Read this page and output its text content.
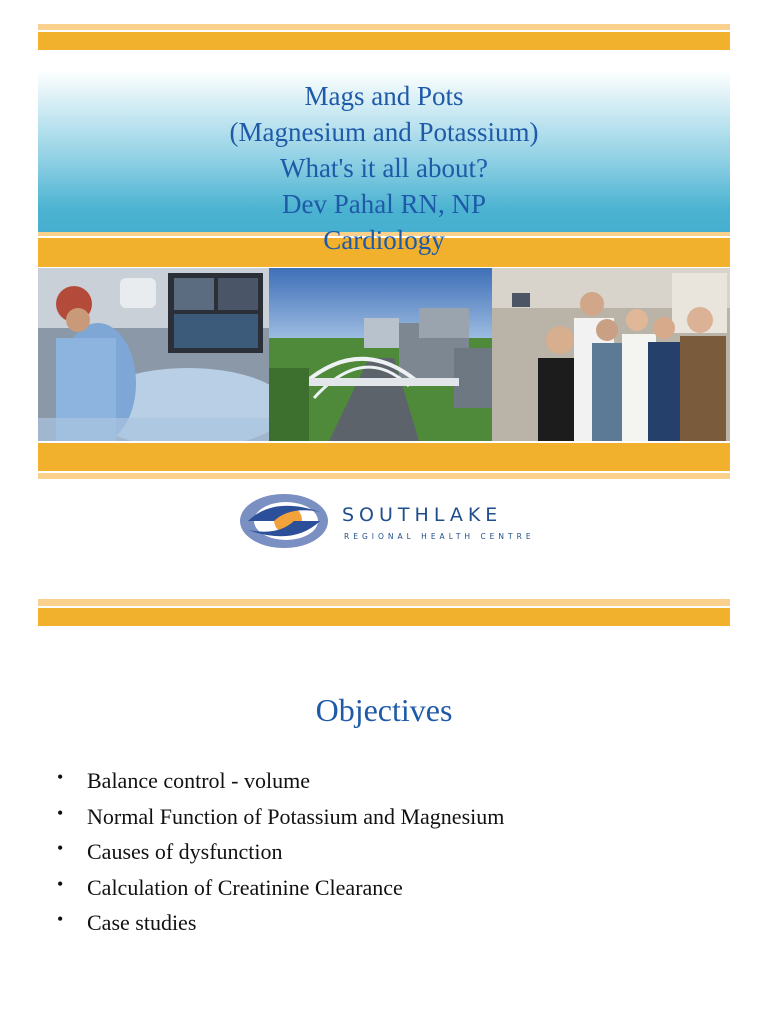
Mags and Pots
(Magnesium and Potassium)
What's it all about?
Dev Pahal RN, NP
Cardiology
SOUTHLAKE
REGIONAL HEALTH CENTRE
Objectives
• Balance control - volume
• Normal Function of Potassium and Magnesium
• Causes of dysfunction
• Calculation of Creatinine Clearance
• Case studies
